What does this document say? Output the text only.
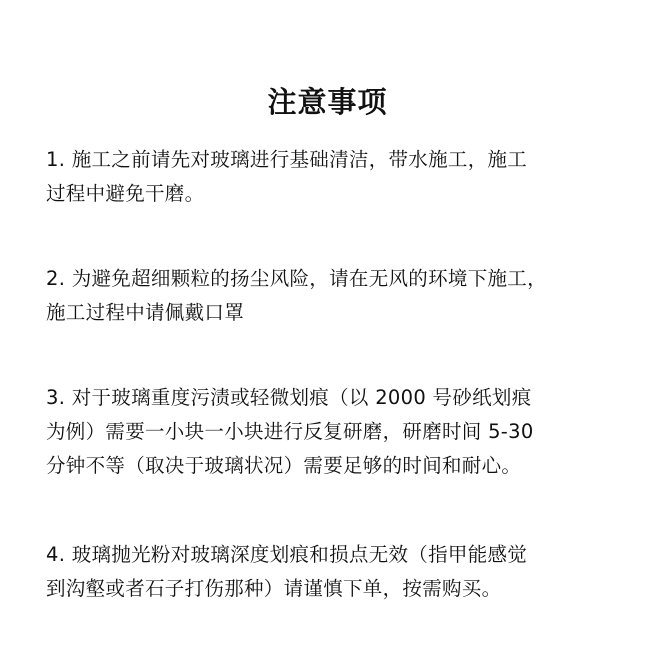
注意事项

1. 施工之前请先对玻璃进行基础清洁，带水施工，施工
过程中避免干磨。

2. 为避免超细颗粒的扬尘风险，请在无风的环境下施工，
施工过程中请佩戴口罩

3. 对于玻璃重度污渍或轻微划痕（以 2000 号砂纸划痕
为例）需要一小块一小块进行反复研磨，研磨时间 5-30
分钟不等（取决于玻璃状况）需要足够的时间和耐心。

4. 玻璃抛光粉对玻璃深度划痕和损点无效（指甲能感觉
到沟壑或者石子打伤那种）请谨慎下单，按需购买。
